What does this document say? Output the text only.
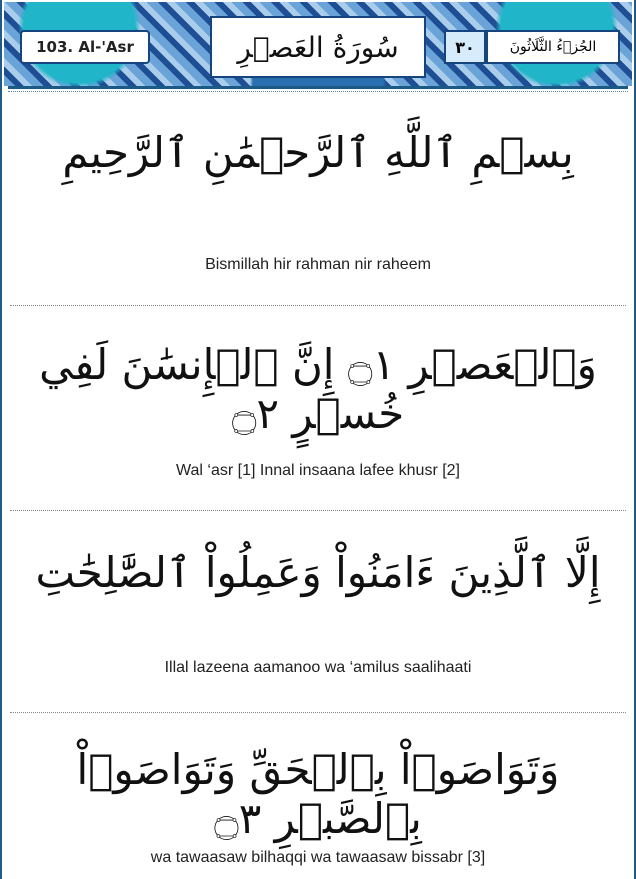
103. Al-'Asr	سُورَةُ العَصۡرِ	٣٠	الجُزۡءُ الثَّلَاثُونَ
بِسۡمِ ٱللَّهِ ٱلرَّحۡمَٰنِ ٱلرَّحِيمِ
Bismillah hir rahman nir raheem
وَٱلۡعَصۡرِ ۝١ إِنَّ ٱلۡإِنسَٰنَ لَفِي خُسۡرٍ ۝٢
Wal ‘asr [1] Innal insaana lafee khusr [2]
إِلَّا ٱلَّذِينَ ءَامَنُواْ وَعَمِلُواْ ٱلصَّٰلِحَٰتِ
Illal lazeena aamanoo wa ‘amilus saalihaati
وَتَوَاصَوۡاْ بِٱلۡحَقِّ وَتَوَاصَوۡاْ بِٱلصَّبۡرِ ۝٣
wa tawaasaw bilhaqqi wa tawaasaw bissabr [3]
